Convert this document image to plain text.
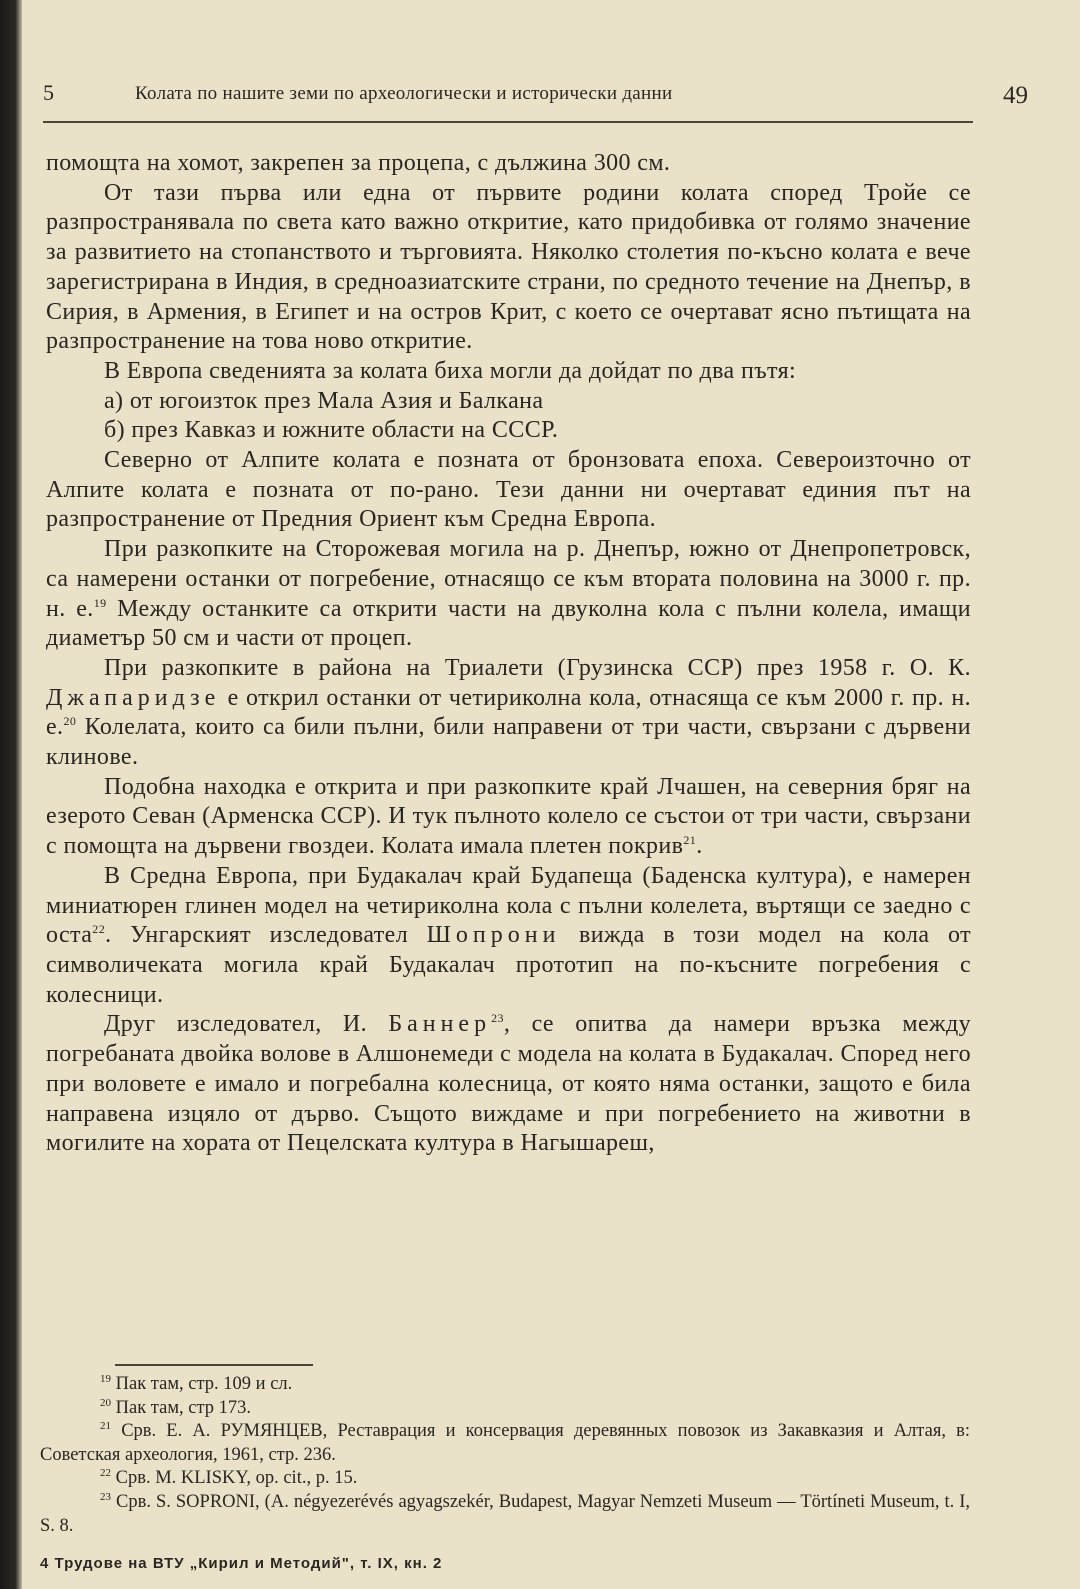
5	Колата по нашите земи по археологически и исторически данни	49

помощта на хомот, закрепен за процепа, с дължина 300 см.

От тази първа или една от първите родини колата според Тройе се разпространявала по света като важно откритие, като придобивка от голямо значение за развитието на стопанството и търговията. Няколко столетия по-късно колата е вече зарегистрирана в Индия, в средноазиатските страни, по средното течение на Днепър, в Сирия, в Армения, в Египет и на остров Крит, с което се очертават ясно пътищата на разпространение на това ново откритие.

В Европа сведенията за колата биха могли да дойдат по два пътя:

а) от югоизток през Мала Азия и Балкана

б) през Кавказ и южните области на СССР.

Северно от Алпите колата е позната от бронзовата епоха. Североизточно от Алпите колата е позната от по-рано. Тези данни ни очертават единия път на разпространение от Предния Ориент към Средна Европа.

При разкопките на Сторожевая могила на р. Днепър, южно от Днепропетровск, са намерени останки от погребение, отнасящо се към втората половина на 3000 г. пр. н. е.$^{19}$ Между останките са открити части на двуколна кола с пълни колела, имащи диаметър 50 см и части от процеп.

При разкопките в района на Триалети (Грузинска ССР) през 1958 г. О. К. Джапаридзе е открил останки от четириколна кола, отнасяща се към 2000 г. пр. н. е.$^{20}$ Колелата, които са били пълни, били направени от три части, свързани с дървени клинове.

Подобна находка е открита и при разкопките край Лчашен, на северния бряг на езерото Севан (Арменска ССР). И тук пълното колело се състои от три части, свързани с помощта на дървени гвоздеи. Колата имала плетен покрив$^{21}$.

В Средна Европа, при Будакалач край Будапеща (Баденска култура), е намерен миниатюрен глинен модел на четириколна кола с пълни колелета, въртящи се заедно с оста$^{22}$. Унгарският изследовател Шопрони вижда в този модел на кола от символичеката могила край Будакалач прототип на по-късните погребения с колесници.

Друг изследовател, И. Баннер$^{23}$, се опитва да намери връзка между погребаната двойка волове в Алшонемеди с модела на колата в Будакалач. Според него при воловете е имало и погребална колесница, от която няма останки, защото е била направена изцяло от дърво. Същото виждаме и при погребението на животни в могилите на хората от Пецелската култура в Нагышареш,

$^{19}$ Пак там, стр. 109 и сл.
$^{20}$ Пак там, стр 173.
$^{21}$ Срв. Е. А. РУМЯНЦЕВ, Реставрация и консервация деревянных повозок из Закавказия и Алтая, в: Советская археология, 1961, стр. 236.
$^{22}$ Срв. М. KLISKY, op. cit., p. 15.
$^{23}$ Срв. S. SOPRONI, (A. négyezerévés agyagszekér, Budapest, Magyar Nemzeti Museum — Törtíneti Museum, t. I, S. 8.
4 Трудове на ВТУ „Кирил и Методий", т. IX, кн. 2
